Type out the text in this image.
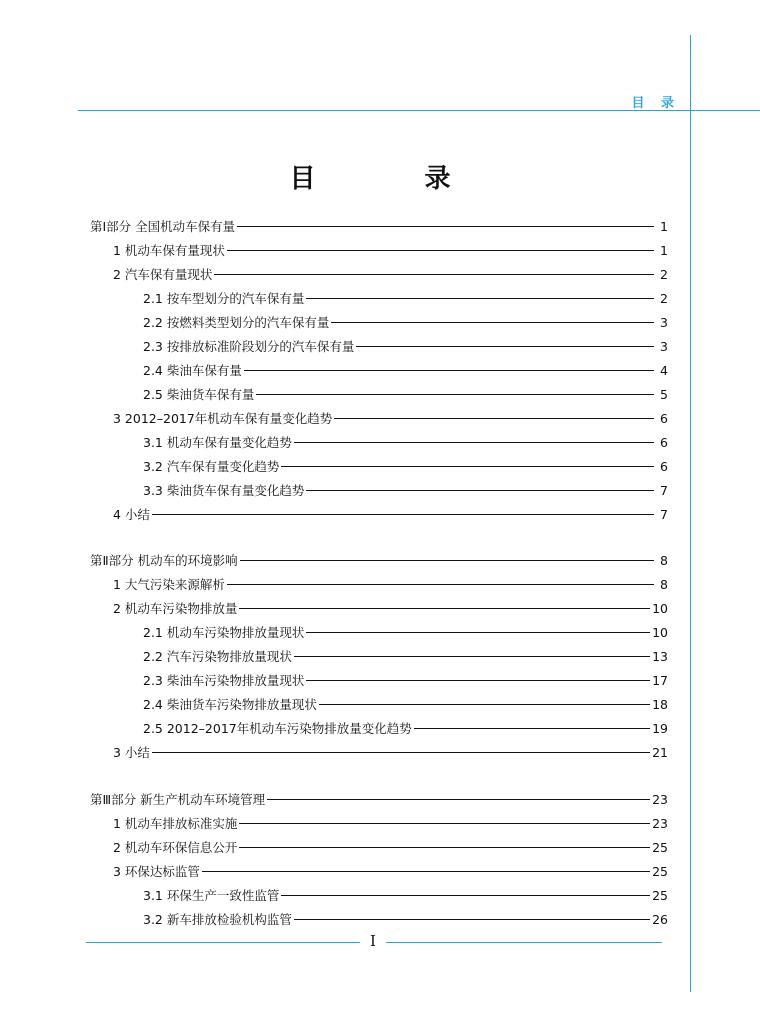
目 录
目 录
第Ⅰ部分 全国机动车保有量	1
1 机动车保有量现状	1
2 汽车保有量现状	2
2.1 按车型划分的汽车保有量	2
2.2 按燃料类型划分的汽车保有量	3
2.3 按排放标准阶段划分的汽车保有量	3
2.4 柴油车保有量	4
2.5 柴油货车保有量	5
3 2012–2017年机动车保有量变化趋势	6
3.1 机动车保有量变化趋势	6
3.2 汽车保有量变化趋势	6
3.3 柴油货车保有量变化趋势	7
4 小结	7
第Ⅱ部分 机动车的环境影响	8
1 大气污染来源解析	8
2 机动车污染物排放量	10
2.1 机动车污染物排放量现状	10
2.2 汽车污染物排放量现状	13
2.3 柴油车污染物排放量现状	17
2.4 柴油货车污染物排放量现状	18
2.5 2012–2017年机动车污染物排放量变化趋势	19
3 小结	21
第Ⅲ部分 新生产机动车环境管理	23
1 机动车排放标准实施	23
2 机动车环保信息公开	25
3 环保达标监管	25
3.1 环保生产一致性监管	25
3.2 新车排放检验机构监管	26
I
